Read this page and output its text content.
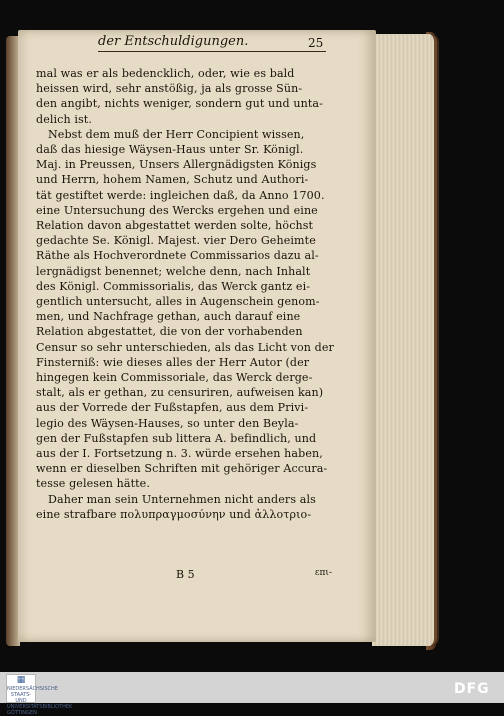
der Entschuldigungen.	25
mal was er als bedencklich, oder, wie es bald
heissen wird, sehr anstößig, ja als grosse Sün-
den angibt, nichts weniger, sondern gut und unta-
delich ist.
Nebst dem muß der Herr Concipient wissen,
daß das hiesige Wäysen-Haus unter Sr. Königl.
Maj. in Preussen, Unsers Allergnädigsten Königs
und Herrn, hohem Namen, Schutz und Authori-
tät gestiftet werde: ingleichen daß, da Anno 1700.
eine Untersuchung des Wercks ergehen und eine
Relation davon abgestattet werden solte, höchst
gedachte Se. Königl. Majest. vier Dero Geheimte
Räthe als Hochverordnete Commissarios dazu al-
lergnädigst benennet; welche denn, nach Inhalt
des Königl. Commissorialis, das Werck gantz ei-
gentlich untersucht, alles in Augenschein genom-
men, und Nachfrage gethan, auch darauf eine
Relation abgestattet, die von der vorhabenden
Censur so sehr unterschieden, als das Licht von der
Finsterniß: wie dieses alles der Herr Autor (der
hingegen kein Commissoriale, das Werck derge-
stalt, als er gethan, zu censuriren, aufweisen kan)
aus der Vorrede der Fußstapfen, aus dem Privi-
legio des Wäysen-Hauses, so unter den Beyla-
gen der Fußstapfen sub littera A. befindlich, und
aus der I. Fortsetzung n. 3. würde ersehen haben,
wenn er dieselben Schriften mit gehöriger Accura-
tesse gelesen hätte.
Daher man sein Unternehmen nicht anders als
eine strafbare πολυπραγμοσύνην und ἀλλοτριο-
B 5	επι-
▦
NIEDERSÄCHSISCHE STAATS- UND UNIVERSITÄTSBIBLIOTHEK GÖTTINGEN
DFG
